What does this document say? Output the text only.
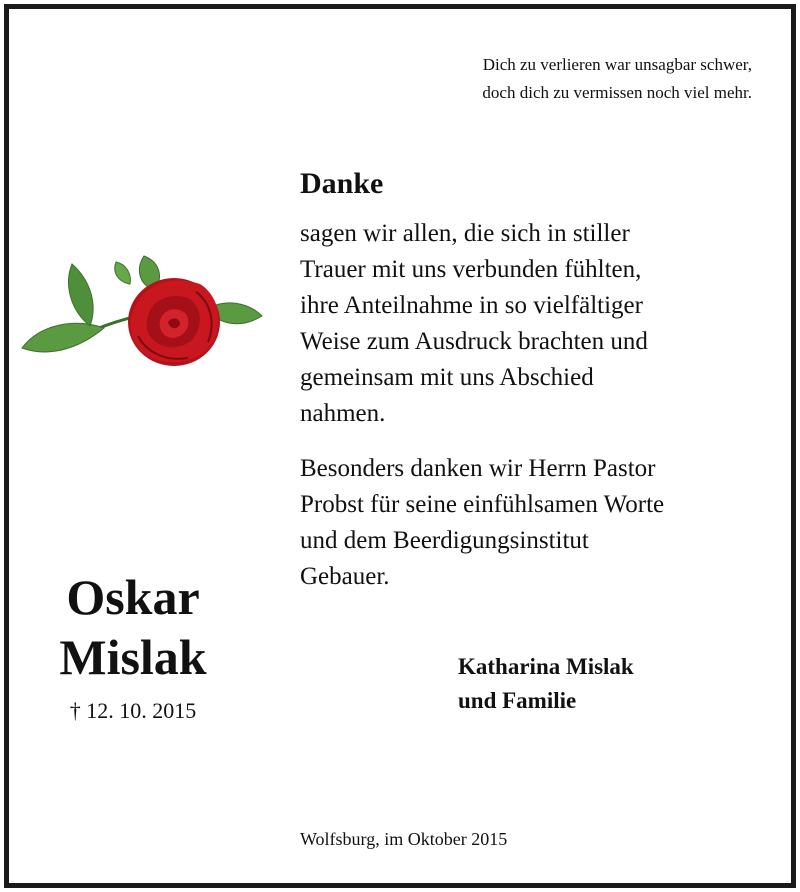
Dich zu verlieren war unsagbar schwer,
doch dich zu vermissen noch viel mehr.
Danke
sagen wir allen, die sich in stiller
Trauer mit uns verbunden fühlten,
ihre Anteilnahme in so vielfältiger
Weise zum Ausdruck brachten und
gemeinsam mit uns Abschied
nahmen.
Besonders danken wir Herrn Pastor
Probst für seine einfühlsamen Worte
und dem Beerdigungsinstitut
Gebauer.
Oskar
Mislak
† 12. 10. 2015
Katharina Mislak
und Familie
Wolfsburg, im Oktober 2015
